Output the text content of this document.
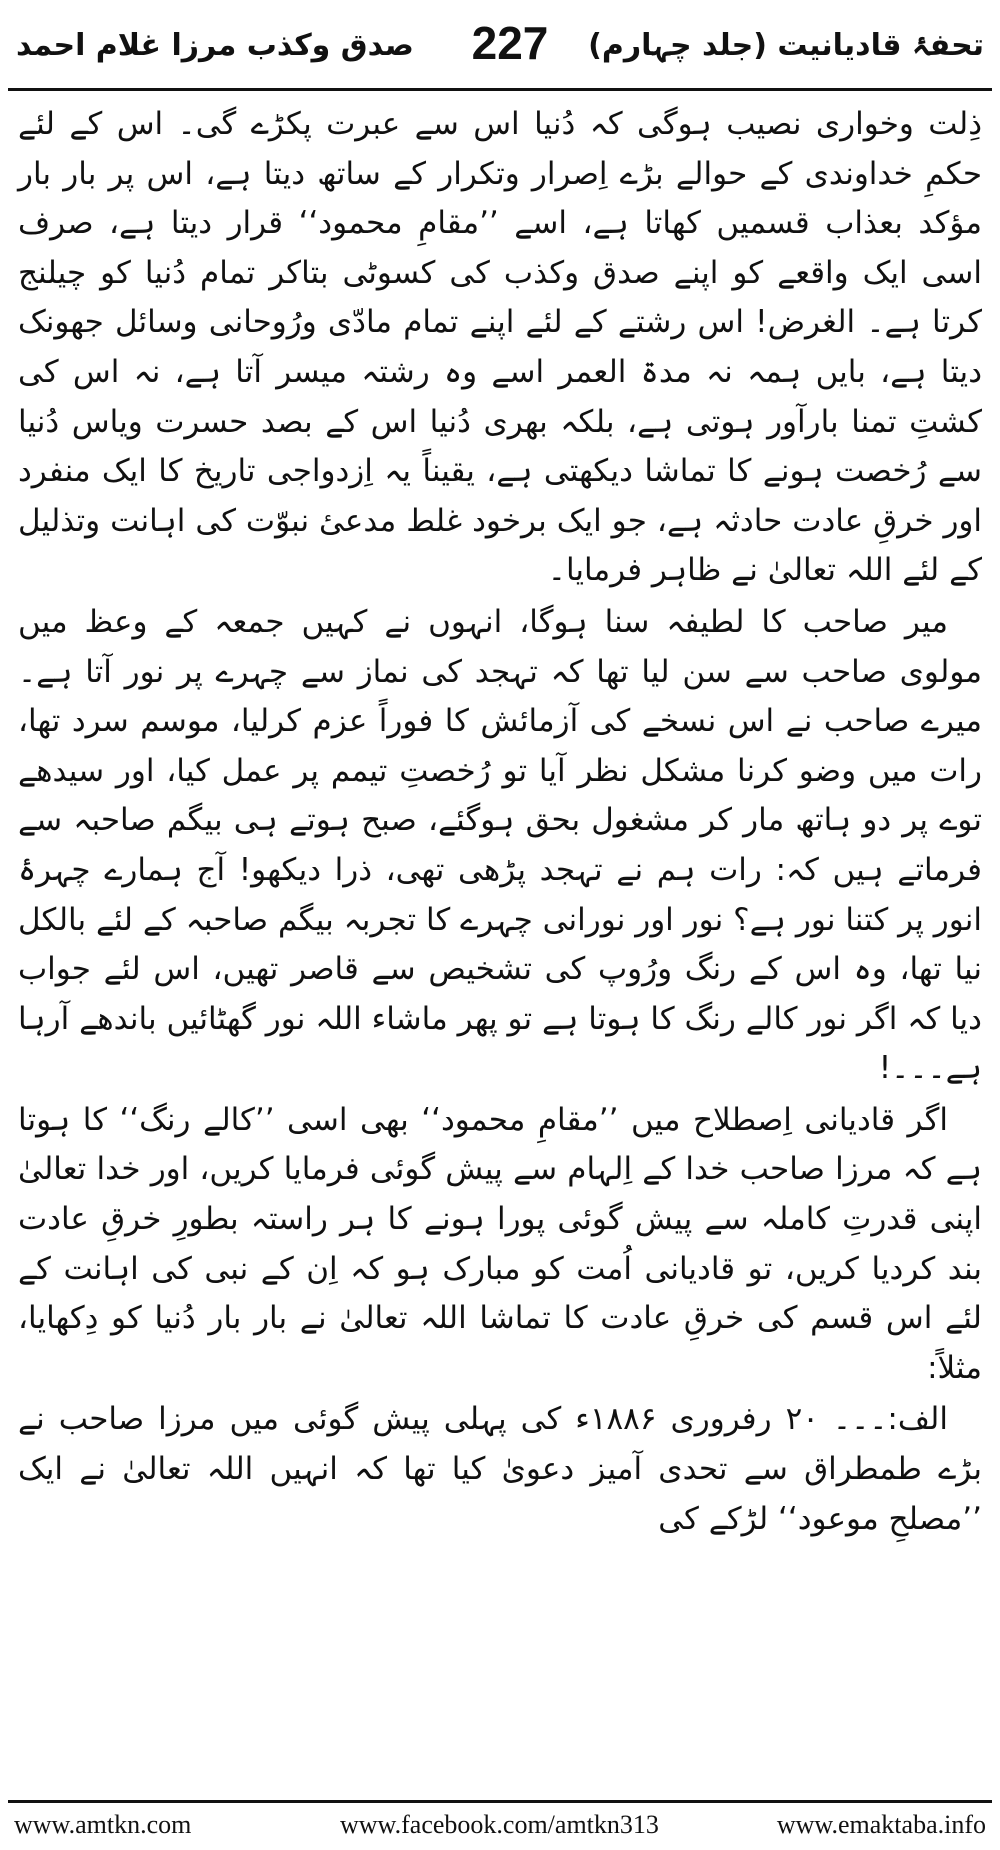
تحفۂ قادیانیت (جلد چہارم)
227
صدق وکذب مرزا غلام احمد

ذِلت وخواری نصیب ہوگی کہ دُنیا اس سے عبرت پکڑے گی۔ اس کے لئے حکمِ خداوندی کے حوالے بڑے اِصرار وتکرار کے ساتھ دیتا ہے، اس پر بار بار مؤکد بعذاب قسمیں کھاتا ہے، اسے ’’مقامِ محمود‘‘ قرار دیتا ہے، صرف اسی ایک واقعے کو اپنے صدق وکذب کی کسوٹی بتاکر تمام دُنیا کو چیلنج کرتا ہے۔ الغرض! اس رشتے کے لئے اپنے تمام مادّی ورُوحانی وسائل جھونک دیتا ہے، بایں ہمہ نہ مدۃ العمر اسے وہ رشتہ میسر آتا ہے، نہ اس کی کشتِ تمنا بارآور ہوتی ہے، بلکہ بھری دُنیا اس کے بصد حسرت ویاس دُنیا سے رُخصت ہونے کا تماشا دیکھتی ہے، یقیناً یہ اِزدواجی تاریخ کا ایک منفرد اور خرقِ عادت حادثہ ہے، جو ایک برخود غلط مدعیٔ نبوّت کی اہانت وتذلیل کے لئے اللہ تعالیٰ نے ظاہر فرمایا۔

میر صاحب کا لطیفہ سنا ہوگا، انہوں نے کہیں جمعہ کے وعظ میں مولوی صاحب سے سن لیا تھا کہ تہجد کی نماز سے چہرے پر نور آتا ہے۔ میرے صاحب نے اس نسخے کی آزمائش کا فوراً عزم کرلیا، موسم سرد تھا، رات میں وضو کرنا مشکل نظر آیا تو رُخصتِ تیمم پر عمل کیا، اور سیدھے توے پر دو ہاتھ مار کر مشغول بحق ہوگئے، صبح ہوتے ہی بیگم صاحبہ سے فرماتے ہیں کہ: رات ہم نے تہجد پڑھی تھی، ذرا دیکھو! آج ہمارے چہرۂ انور پر کتنا نور ہے؟ نور اور نورانی چہرے کا تجربہ بیگم صاحبہ کے لئے بالکل نیا تھا، وہ اس کے رنگ ورُوپ کی تشخیص سے قاصر تھیں، اس لئے جواب دیا کہ اگر نور کالے رنگ کا ہوتا ہے تو پھر ماشاء اللہ نور گھٹائیں باندھے آرہا ہے۔۔۔!

اگر قادیانی اِصطلاح میں ’’مقامِ محمود‘‘ بھی اسی ’’کالے رنگ‘‘ کا ہوتا ہے کہ مرزا صاحب خدا کے اِلہام سے پیش گوئی فرمایا کریں، اور خدا تعالیٰ اپنی قدرتِ کاملہ سے پیش گوئی پورا ہونے کا ہر راستہ بطورِ خرقِ عادت بند کردیا کریں، تو قادیانی اُمت کو مبارک ہو کہ اِن کے نبی کی اہانت کے لئے اس قسم کی خرقِ عادت کا تماشا اللہ تعالیٰ نے بار بار دُنیا کو دِکھایا، مثلاً:

الف:۔۔۔ ۲۰ رفروری ۱۸۸۶ء کی پہلی پیش گوئی میں مرزا صاحب نے بڑے طمطراق سے تحدی آمیز دعویٰ کیا تھا کہ انہیں اللہ تعالیٰ نے ایک ’’مصلحِ موعود‘‘ لڑکے کی

www.amtkn.com	www.facebook.com/amtkn313	www.emaktaba.info
